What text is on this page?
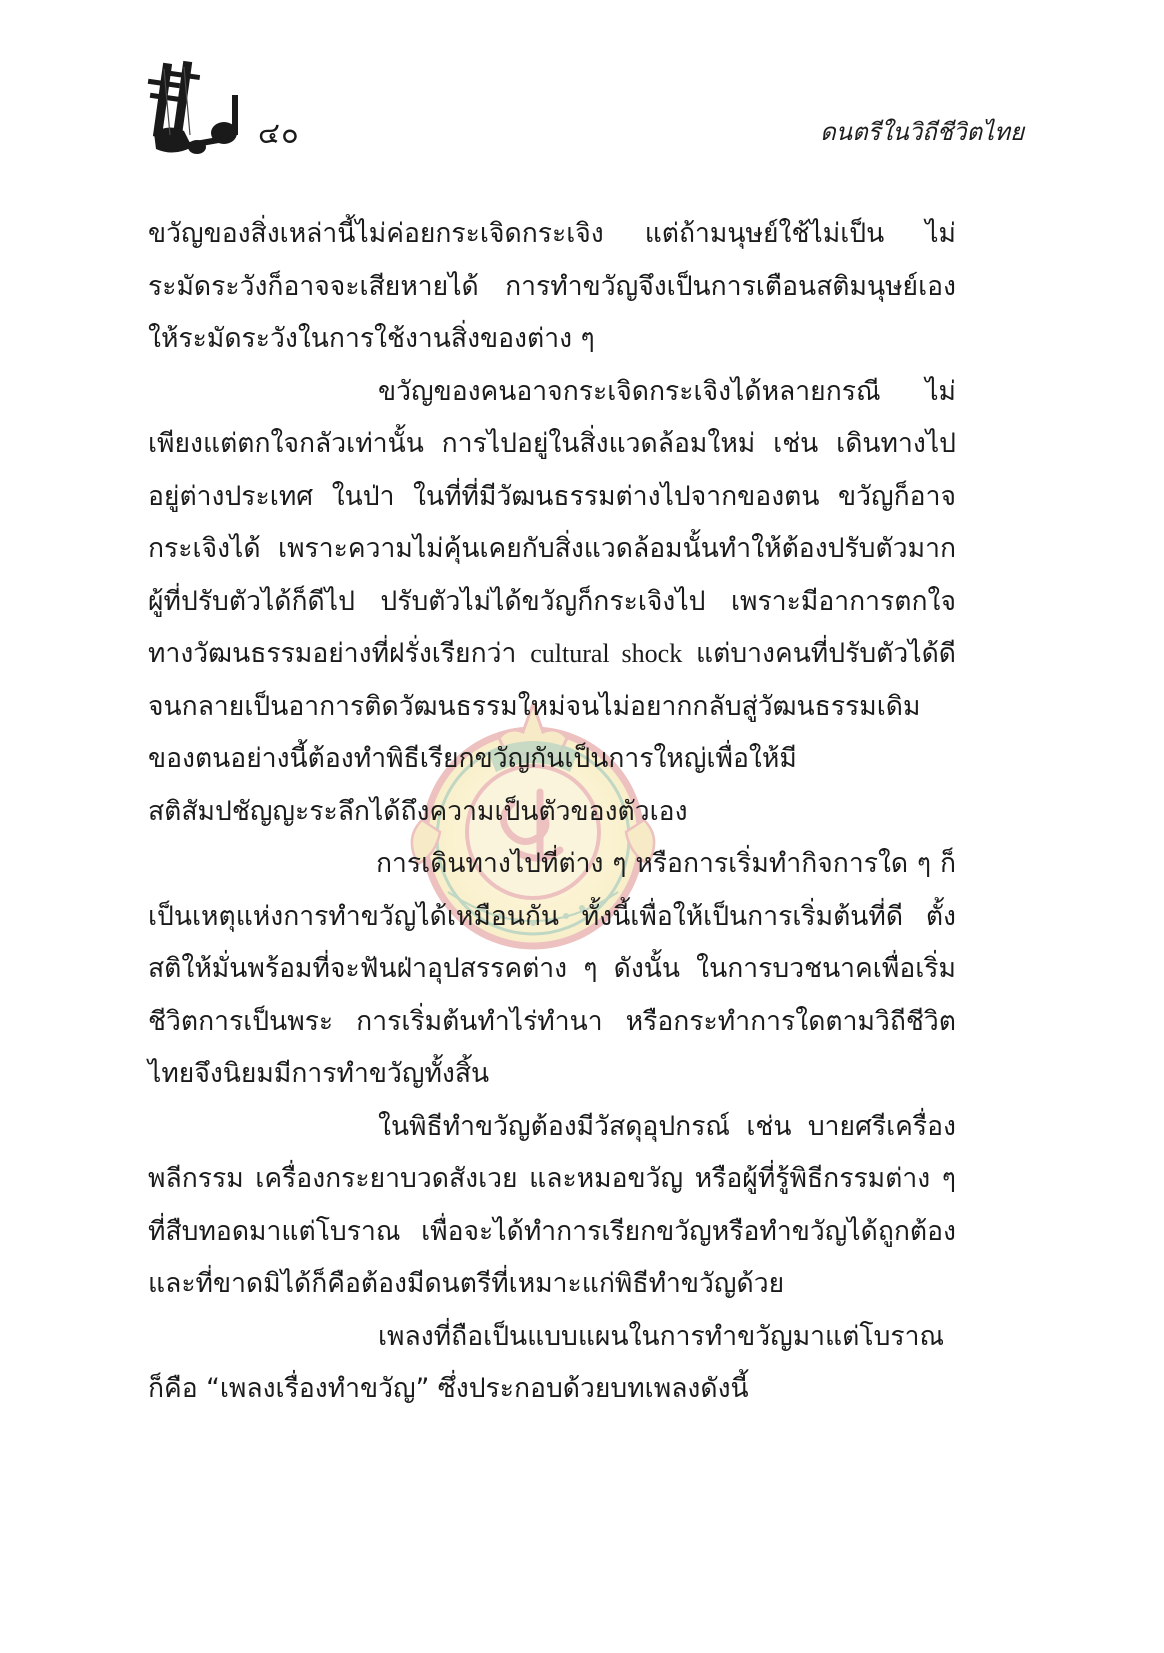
๔๐	ดนตรีในวิถีชีวิตไทย

ขวัญของสิ่งเหล่านี้ไม่ค่อยกระเจิดกระเจิง แต่ถ้ามนุษย์ใช้ไม่เป็น ไม่ระมัดระวังก็อาจจะเสียหายได้ การทำขวัญจึงเป็นการเตือนสติมนุษย์เองให้ระมัดระวังในการใช้งานสิ่งของต่าง ๆ

ขวัญของคนอาจกระเจิดกระเจิงได้หลายกรณี ไม่เพียงแต่ตกใจกลัวเท่านั้น การไปอยู่ในสิ่งแวดล้อมใหม่ เช่น เดินทางไปอยู่ต่างประเทศ ในป่า ในที่ที่มีวัฒนธรรมต่างไปจากของตน ขวัญก็อาจกระเจิงได้ เพราะความไม่คุ้นเคยกับสิ่งแวดล้อมนั้นทำให้ต้องปรับตัวมากผู้ที่ปรับตัวได้ก็ดีไป ปรับตัวไม่ได้ขวัญก็กระเจิงไป เพราะมีอาการตกใจทางวัฒนธรรมอย่างที่ฝรั่งเรียกว่า cultural shock แต่บางคนที่ปรับตัวได้ดีจนกลายเป็นอาการติดวัฒนธรรมใหม่จนไม่อยากกลับสู่วัฒนธรรมเดิมของตนอย่างนี้ต้องทำพิธีเรียกขวัญกันเป็นการใหญ่เพื่อให้มีสติสัมปชัญญะระลึกได้ถึงความเป็นตัวของตัวเอง

การเดินทางไปที่ต่าง ๆ หรือการเริ่มทำกิจการใด ๆ ก็เป็นเหตุแห่งการทำขวัญได้เหมือนกัน ทั้งนี้เพื่อให้เป็นการเริ่มต้นที่ดี ตั้งสติให้มั่นพร้อมที่จะฟันฝ่าอุปสรรคต่าง ๆ ดังนั้น ในการบวชนาคเพื่อเริ่มชีวิตการเป็นพระ การเริ่มต้นทำไร่ทำนา หรือกระทำการใดตามวิถีชีวิตไทยจึงนิยมมีการทำขวัญทั้งสิ้น

ในพิธีทำขวัญต้องมีวัสดุอุปกรณ์ เช่น บายศรีเครื่องพลีกรรม เครื่องกระยาบวดสังเวย และหมอขวัญ หรือผู้ที่รู้พิธีกรรมต่าง ๆ ที่สืบทอดมาแต่โบราณ เพื่อจะได้ทำการเรียกขวัญหรือทำขวัญได้ถูกต้อง และที่ขาดมิได้ก็คือต้องมีดนตรีที่เหมาะแก่พิธีทำขวัญด้วย

เพลงที่ถือเป็นแบบแผนในการทำขวัญมาแต่โบราณก็คือ “เพลงเรื่องทำขวัญ” ซึ่งประกอบด้วยบทเพลงดังนี้
